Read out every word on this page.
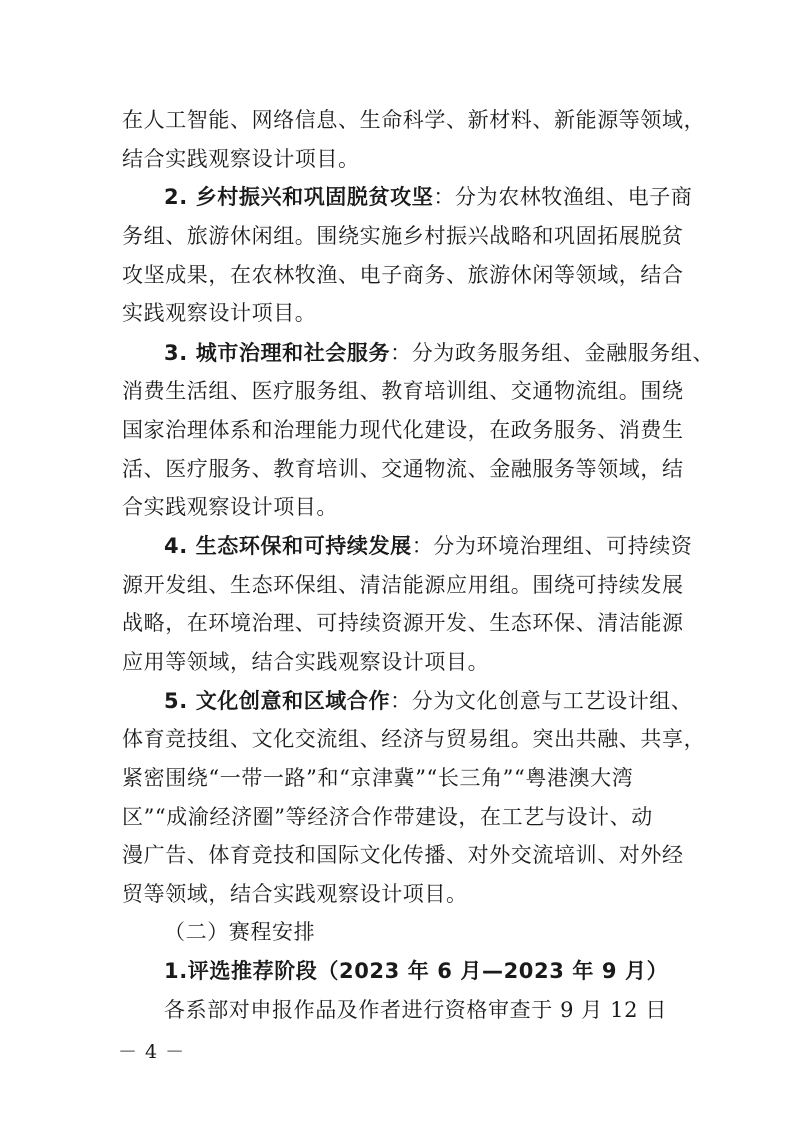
在人工智能、网络信息、生命科学、新材料、新能源等领域，
结合实践观察设计项目。
2. 乡村振兴和巩固脱贫攻坚：分为农林牧渔组、电子商
务组、旅游休闲组。围绕实施乡村振兴战略和巩固拓展脱贫
攻坚成果，在农林牧渔、电子商务、旅游休闲等领域，结合
实践观察设计项目。
3. 城市治理和社会服务：分为政务服务组、金融服务组、
消费生活组、医疗服务组、教育培训组、交通物流组。围绕
国家治理体系和治理能力现代化建设，在政务服务、消费生
活、医疗服务、教育培训、交通物流、金融服务等领域，结
合实践观察设计项目。
4. 生态环保和可持续发展：分为环境治理组、可持续资
源开发组、生态环保组、清洁能源应用组。围绕可持续发展
战略，在环境治理、可持续资源开发、生态环保、清洁能源
应用等领域，结合实践观察设计项目。
5. 文化创意和区域合作：分为文化创意与工艺设计组、
体育竞技组、文化交流组、经济与贸易组。突出共融、共享，
紧密围绕“一带一路”和“京津冀”“长三角”“粤港澳大湾
区”“成渝经济圈”等经济合作带建设，在工艺与设计、动
漫广告、体育竞技和国际文化传播、对外交流培训、对外经
贸等领域，结合实践观察设计项目。
（二）赛程安排
1.评选推荐阶段（2023 年 6 月—2023 年 9 月）
各系部对申报作品及作者进行资格审查于 9 月 12 日
－ 4 －
